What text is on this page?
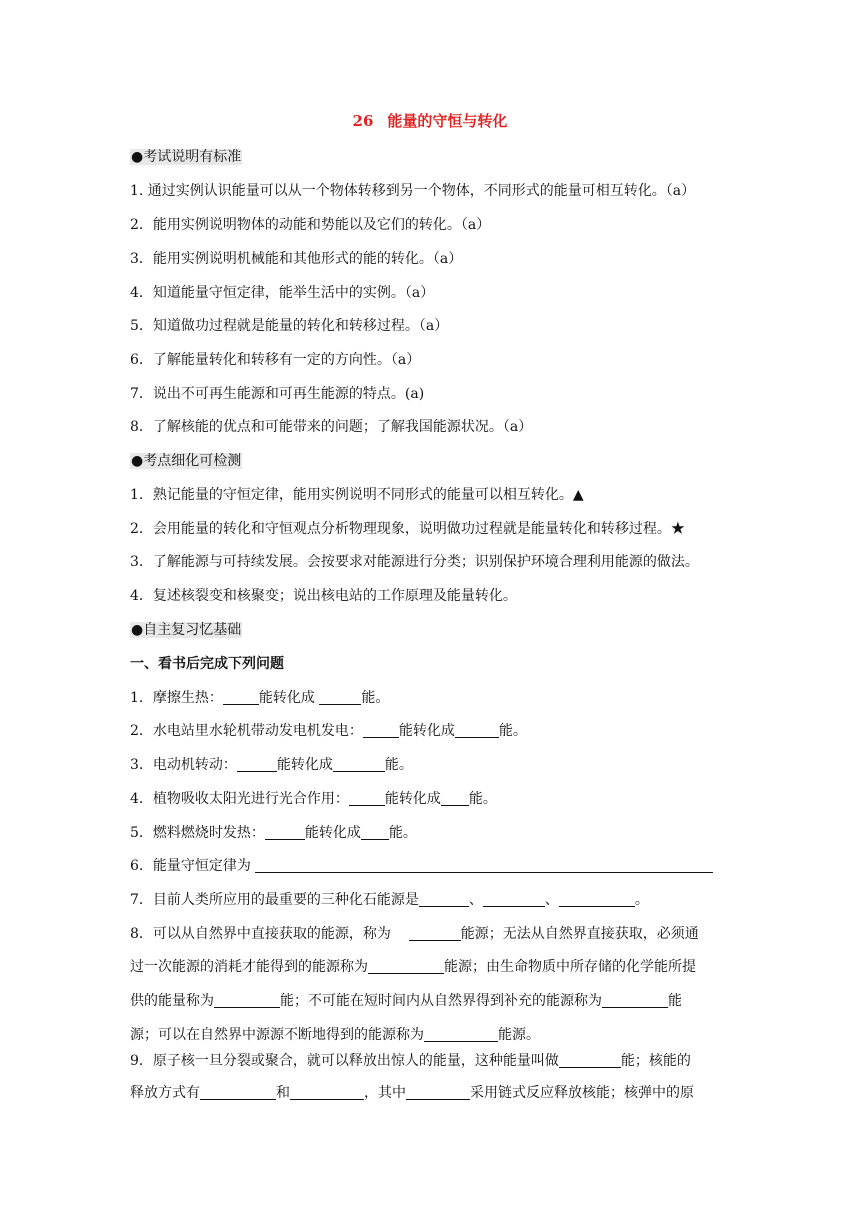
26 能量的守恒与转化
●考试说明有标准
1. 通过实例认识能量可以从一个物体转移到另一个物体，不同形式的能量可相互转化。（a）
2．能用实例说明物体的动能和势能以及它们的转化。（a）
3．能用实例说明机械能和其他形式的能的转化。（a）
4．知道能量守恒定律，能举生活中的实例。（a）
5．知道做功过程就是能量的转化和转移过程。（a）
6．了解能量转化和转移有一定的方向性。（a）
7．说出不可再生能源和可再生能源的特点。(a)
8．了解核能的优点和可能带来的问题；了解我国能源状况。（a）
●考点细化可检测
1．熟记能量的守恒定律，能用实例说明不同形式的能量可以相互转化。▲
2．会用能量的转化和守恒观点分析物理现象，说明做功过程就是能量转化和转移过程。★
3．了解能源与可持续发展。会按要求对能源进行分类；识别保护环境合理利用能源的做法。
4．复述核裂变和核聚变；说出核电站的工作原理及能量转化。
●自主复习忆基础
一、看书后完成下列问题
1．摩擦生热：	能转化成	能。
2．水电站里水轮机带动发电机发电：	能转化成	能。
3．电动机转动：	能转化成	能。
4．植物吸收太阳光进行光合作用：	能转化成 能。
5．燃料燃烧时发热：	能转化成 能。
6．能量守恒定律为
7．目前人类所应用的最重要的三种化石能源是	、	、	。
8．可以从自然界中直接获取的能源，称为	能源；无法从自然界直接获取，必须通
过一次能源的消耗才能得到的能源称为	能源；由生命物质中所存储的化学能所提
供的能量称为	能；不可能在短时间内从自然界得到补充的能源称为	能
源；可以在自然界中源源不断地得到的能源称为	能源。
9．原子核一旦分裂或聚合，就可以释放出惊人的能量，这种能量叫做	能；核能的
释放方式有	和	，其中	采用链式反应释放核能；核弹中的原
